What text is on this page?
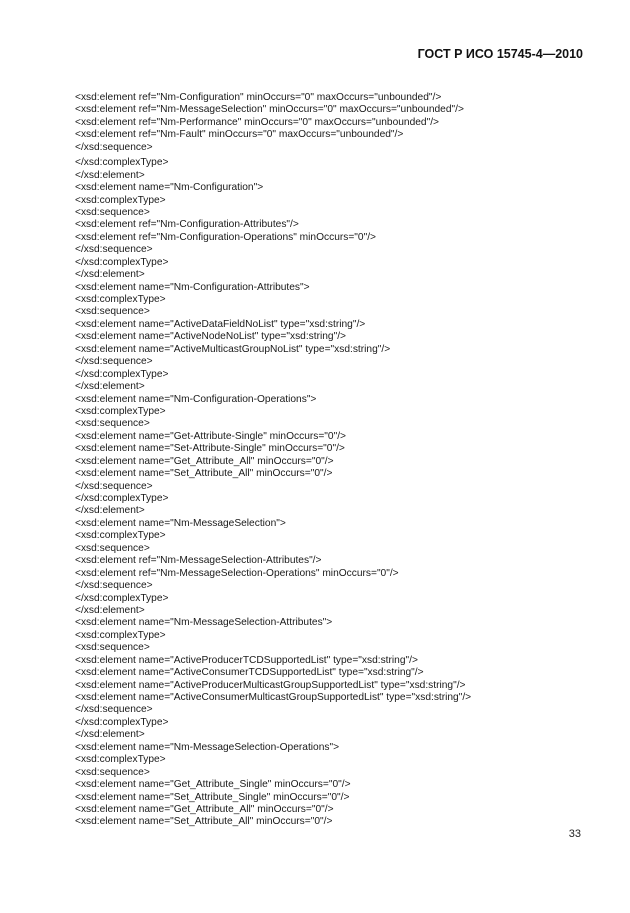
ГОСТ Р ИСО 15745-4—2010
<xsd:element ref="Nm-Configuration" minOccurs="0" maxOccurs="unbounded"/>
<xsd:element ref="Nm-MessageSelection" minOccurs="0" maxOccurs="unbounded"/>
<xsd:element ref="Nm-Performance" minOccurs="0" maxOccurs="unbounded"/>
<xsd:element ref="Nm-Fault" minOccurs="0" maxOccurs="unbounded"/>
</xsd:sequence>
</xsd:complexType>
</xsd:element>
<xsd:element name="Nm-Configuration">
<xsd:complexType>
<xsd:sequence>
<xsd:element ref="Nm-Configuration-Attributes"/>
<xsd:element ref="Nm-Configuration-Operations" minOccurs="0"/>
</xsd:sequence>
</xsd:complexType>
</xsd:element>
<xsd:element name="Nm-Configuration-Attributes">
<xsd:complexType>
<xsd:sequence>
<xsd:element name="ActiveDataFieldNoList" type="xsd:string"/>
<xsd:element name="ActiveNodeNoList" type="xsd:string"/>
<xsd:element name="ActiveMulticastGroupNoList" type="xsd:string"/>
</xsd:sequence>
</xsd:complexType>
</xsd:element>
<xsd:element name="Nm-Configuration-Operations">
<xsd:complexType>
<xsd:sequence>
<xsd:element name="Get-Attribute-Single" minOccurs="0"/>
<xsd:element name="Set-Attribute-Single" minOccurs="0"/>
<xsd:element name="Get_Attribute_All" minOccurs="0"/>
<xsd:element name="Set_Attribute_All" minOccurs="0"/>
</xsd:sequence>
</xsd:complexType>
</xsd:element>
<xsd:element name="Nm-MessageSelection">
<xsd:complexType>
<xsd:sequence>
<xsd:element ref="Nm-MessageSelection-Attributes"/>
<xsd:element ref="Nm-MessageSelection-Operations" minOccurs="0"/>
</xsd:sequence>
</xsd:complexType>
</xsd:element>
<xsd:element name="Nm-MessageSelection-Attributes">
<xsd:complexType>
<xsd:sequence>
<xsd:element name="ActiveProducerTCDSupportedList" type="xsd:string"/>
<xsd:element name="ActiveConsumerTCDSupportedList" type="xsd:string"/>
<xsd:element name="ActiveProducerMulticastGroupSupportedList" type="xsd:string"/>
<xsd:element name="ActiveConsumerMulticastGroupSupportedList" type="xsd:string"/>
</xsd:sequence>
</xsd:complexType>
</xsd:element>
<xsd:element name="Nm-MessageSelection-Operations">
<xsd:complexType>
<xsd:sequence>
<xsd:element name="Get_Attribute_Single" minOccurs="0"/>
<xsd:element name="Set_Attribute_Single" minOccurs="0"/>
<xsd:element name="Get_Attribute_All" minOccurs="0"/>
<xsd:element name="Set_Attribute_All" minOccurs="0"/>
33
